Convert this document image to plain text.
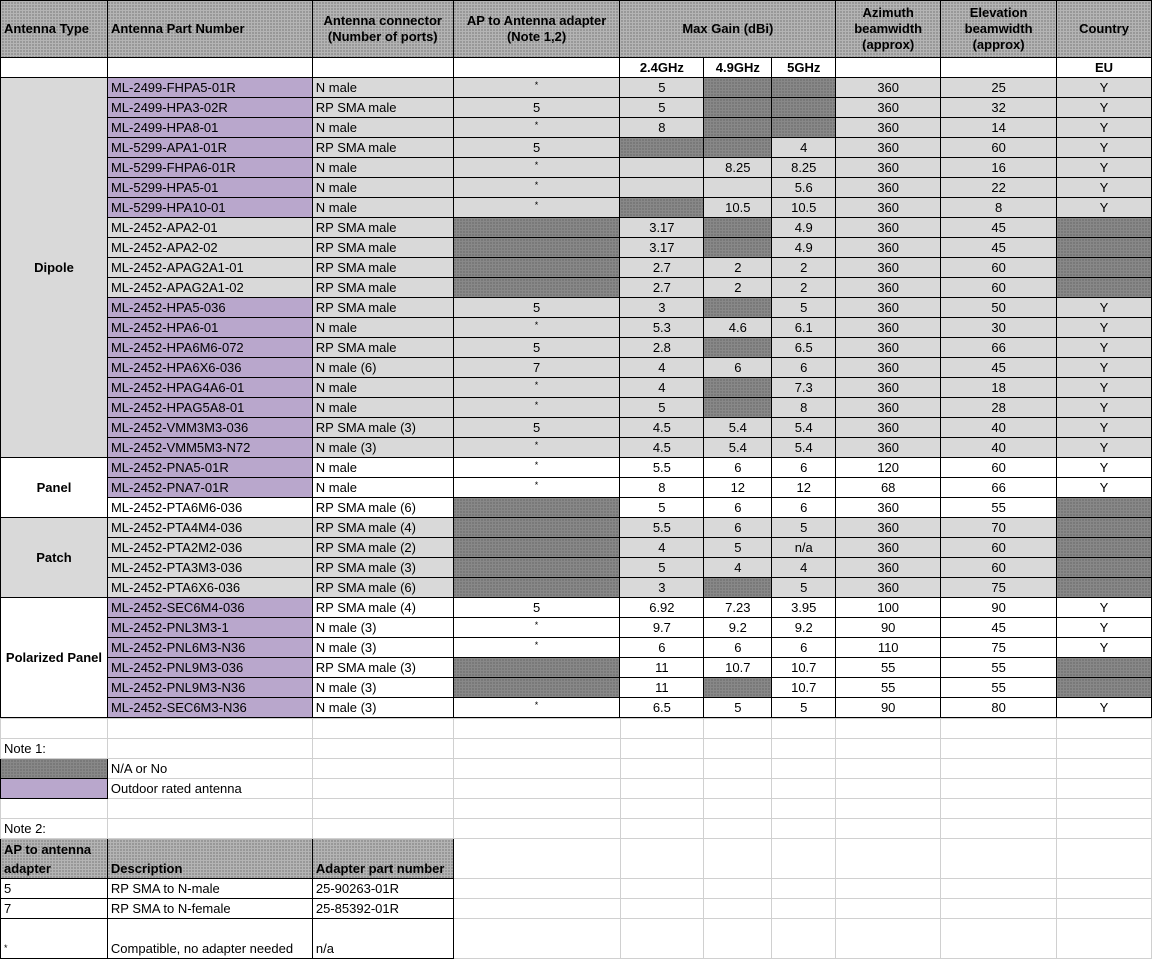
Antenna Type	Antenna Part Number	Antenna connector (Number of ports)	AP to Antenna adapter (Note 1,2)	Max Gain (dBi)			Azimuth beamwidth (approx)	Elevation beamwidth (approx)	Country
				2.4GHz	4.9GHz	5GHz			EU
Dipole	ML-2499-FHPA5-01R	N male	*	5			360	25	Y
	ML-2499-HPA3-02R	RP SMA male	5	5			360	32	Y
	ML-2499-HPA8-01	N male	*	8			360	14	Y
	ML-5299-APA1-01R	RP SMA male	5			4	360	60	Y
	ML-5299-FHPA6-01R	N male	*		8.25	8.25	360	16	Y
	ML-5299-HPA5-01	N male	*			5.6	360	22	Y
	ML-5299-HPA10-01	N male	*		10.5	10.5	360	8	Y
	ML-2452-APA2-01	RP SMA male		3.17		4.9	360	45	
	ML-2452-APA2-02	RP SMA male		3.17		4.9	360	45	
	ML-2452-APAG2A1-01	RP SMA male		2.7	2	2	360	60	
	ML-2452-APAG2A1-02	RP SMA male		2.7	2	2	360	60	
	ML-2452-HPA5-036	RP SMA male	5	3		5	360	50	Y
	ML-2452-HPA6-01	N male	*	5.3	4.6	6.1	360	30	Y
	ML-2452-HPA6M6-072	RP SMA male	5	2.8		6.5	360	66	Y
	ML-2452-HPA6X6-036	N male (6)	7	4	6	6	360	45	Y
	ML-2452-HPAG4A6-01	N male	*	4		7.3	360	18	Y
	ML-2452-HPAG5A8-01	N male	*	5		8	360	28	Y
	ML-2452-VMM3M3-036	RP SMA male (3)	5	4.5	5.4	5.4	360	40	Y
	ML-2452-VMM5M3-N72	N male (3)	*	4.5	5.4	5.4	360	40	Y
Panel	ML-2452-PNA5-01R	N male	*	5.5	6	6	120	60	Y
	ML-2452-PNA7-01R	N male	*	8	12	12	68	66	Y
	ML-2452-PTA6M6-036	RP SMA male (6)		5	6	6	360	55	
Patch	ML-2452-PTA4M4-036	RP SMA male (4)		5.5	6	5	360	70	
	ML-2452-PTA2M2-036	RP SMA male (2)		4	5	n/a	360	60	
	ML-2452-PTA3M3-036	RP SMA male (3)		5	4	4	360	60	
	ML-2452-PTA6X6-036	RP SMA male (6)		3		5	360	75	
Polarized Panel	ML-2452-SEC6M4-036	RP SMA male (4)	5	6.92	7.23	3.95	100	90	Y
	ML-2452-PNL3M3-1	N male (3)	*	9.7	9.2	9.2	90	45	Y
	ML-2452-PNL6M3-N36	N male (3)	*	6	6	6	110	75	Y
	ML-2452-PNL9M3-036	RP SMA male (3)		11	10.7	10.7	55	55	
	ML-2452-PNL9M3-N36	N male (3)		11		10.7	55	55	
	ML-2452-SEC6M3-N36	N male (3)	*	6.5	5	5	90	80	Y

Note 1:									
	N/A or No								
	Outdoor rated antenna								

Note 2:									
AP to antenna adapter	Description	Adapter part number							
5	RP SMA to N-male	25-90263-01R							
7	RP SMA to N-female	25-85392-01R							
*	Compatible, no adapter needed	n/a							
